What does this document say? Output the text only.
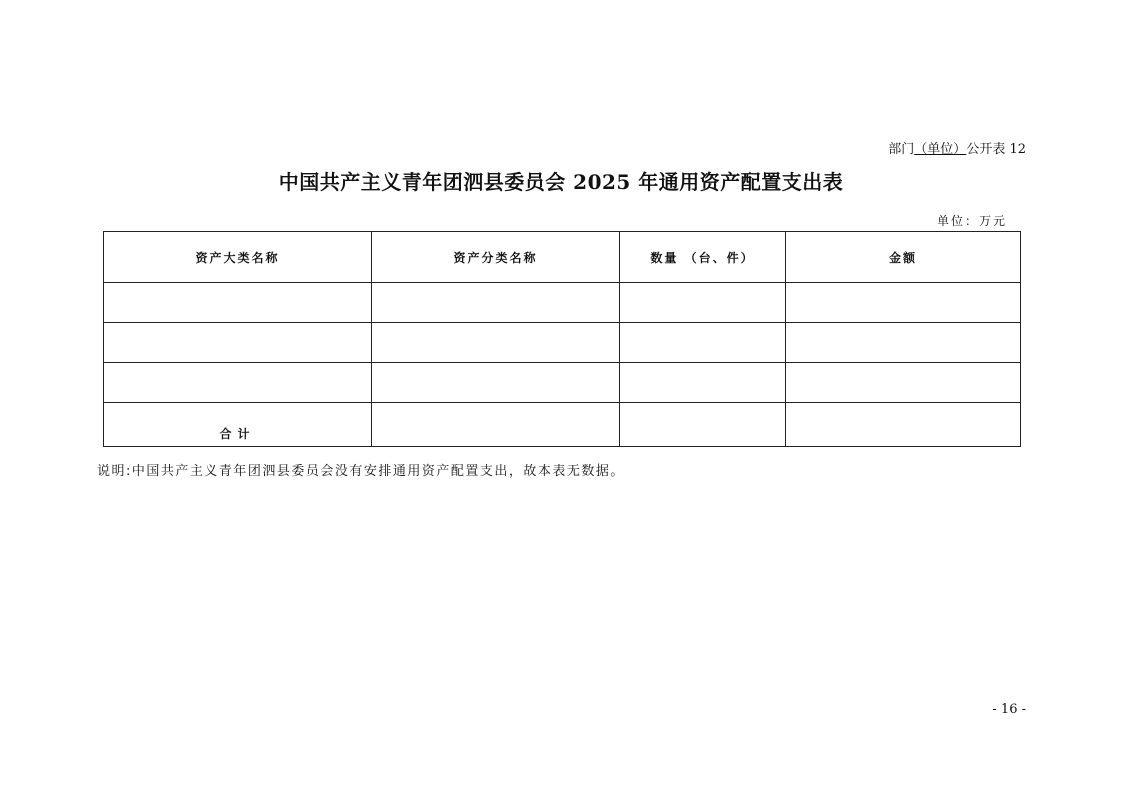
部门（单位）公开表 12
中国共产主义青年团泗县委员会 2025 年通用资产配置支出表
单位：万元
资产大类名称	资产分类名称	数量 （台、件）	金额

合计			
说明:中国共产主义青年团泗县委员会没有安排通用资产配置支出，故本表无数据。
- 16 -
